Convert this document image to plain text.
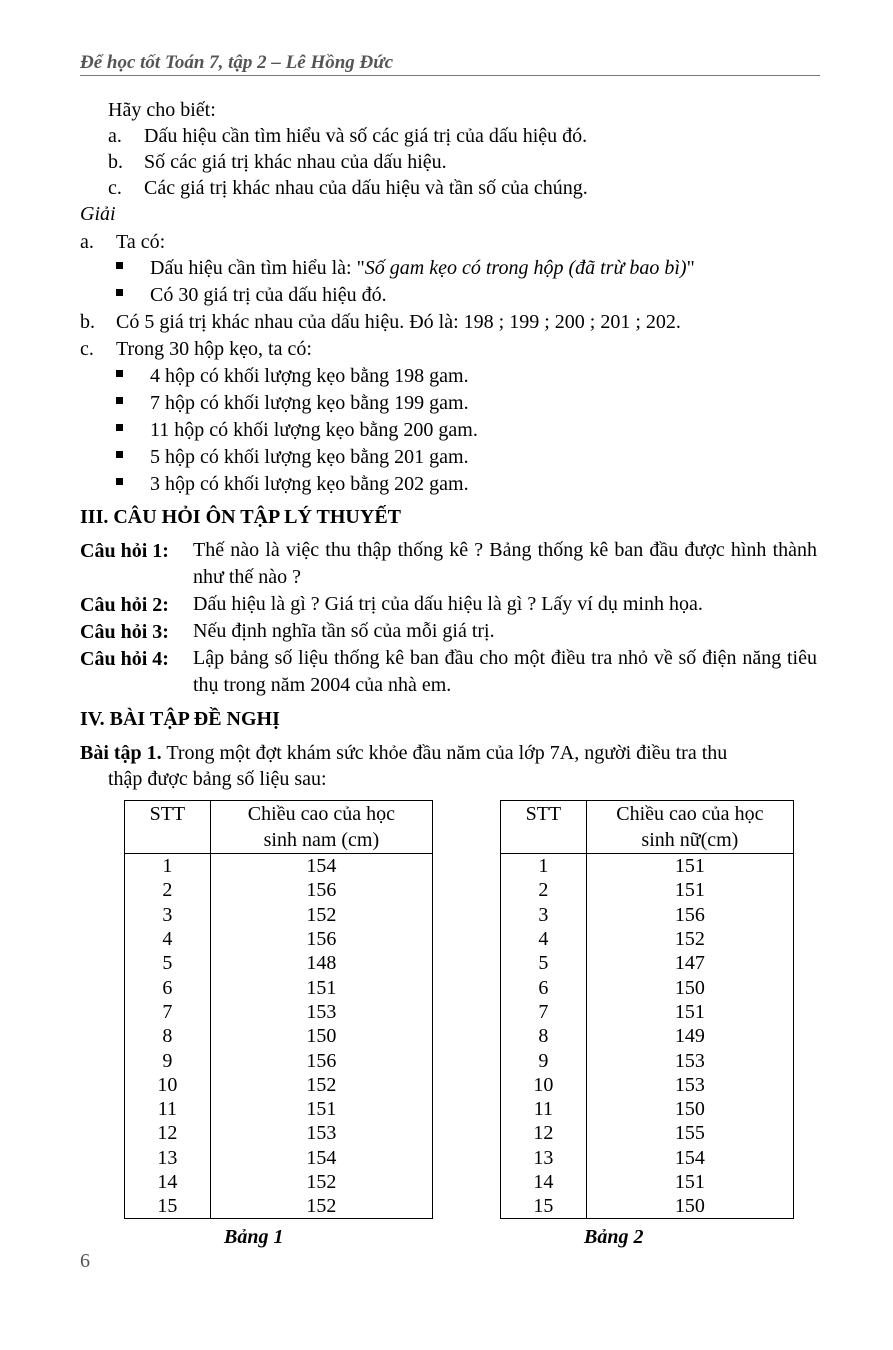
Để học tốt Toán 7, tập 2 – Lê Hồng Đức
Hãy cho biết:
a. Dấu hiệu cần tìm hiểu và số các giá trị của dấu hiệu đó.
b. Số các giá trị khác nhau của dấu hiệu.
c. Các giá trị khác nhau của dấu hiệu và tần số của chúng.
Giải
a. Ta có:
Dấu hiệu cần tìm hiểu là: "Số gam kẹo có trong hộp (đã trừ bao bì)"
Có 30 giá trị của dấu hiệu đó.
b. Có 5 giá trị khác nhau của dấu hiệu. Đó là: 198 ; 199 ; 200 ; 201 ; 202.
c. Trong 30 hộp kẹo, ta có:
4 hộp có khối lượng kẹo bằng 198 gam.
7 hộp có khối lượng kẹo bằng 199 gam.
11 hộp có khối lượng kẹo bằng 200 gam.
5 hộp có khối lượng kẹo bằng 201 gam.
3 hộp có khối lượng kẹo bằng 202 gam.
III. CÂU HỎI ÔN TẬP LÝ THUYẾT
Câu hỏi 1: Thế nào là việc thu thập thống kê ? Bảng thống kê ban đầu được hình thành như thế nào ?
Câu hỏi 2: Dấu hiệu là gì ? Giá trị của dấu hiệu là gì ? Lấy ví dụ minh họa.
Câu hỏi 3: Nếu định nghĩa tần số của mỗi giá trị.
Câu hỏi 4: Lập bảng số liệu thống kê ban đầu cho một điều tra nhỏ về số điện năng tiêu thụ trong năm 2004 của nhà em.
IV. BÀI TẬP ĐỀ NGHỊ
Bài tập 1. Trong một đợt khám sức khỏe đầu năm của lớp 7A, người điều tra thu
thập được bảng số liệu sau:
STT	Chiều cao của học
sinh nam (cm)
1	154
2	156
3	152
4	156
5	148
6	151
7	153
8	150
9	156
10	152
11	151
12	153
13	154
14	152
15	152
Bảng 1
STT	Chiều cao của học
sinh nữ(cm)
1	151
2	151
3	156
4	152
5	147
6	150
7	151
8	149
9	153
10	153
11	150
12	155
13	154
14	151
15	150
Bảng 2
6
